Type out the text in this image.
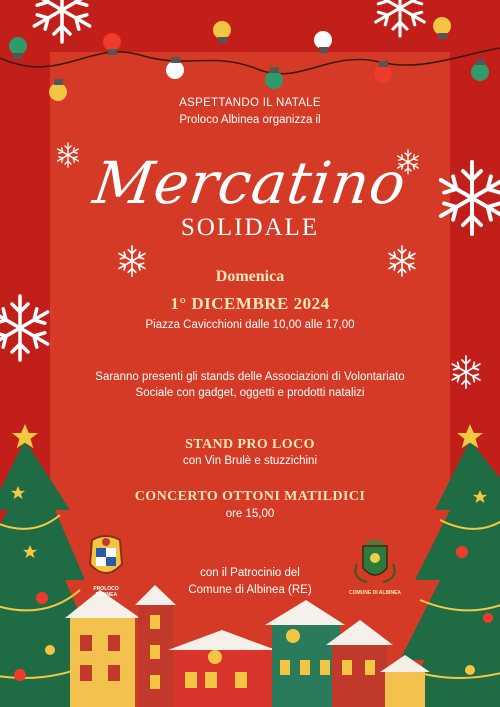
ASPETTANDO IL NATALE

Proloco Albinea organizza il

Mercatino

SOLIDALE

Domenica

1° DICEMBRE 2024

Piazza Cavicchioni dalle 10,00 alle 17,00

Saranno presenti gli stands delle Associazioni di Volontariato Sociale con gadget, oggetti e prodotti natalizi

STAND PRO LOCO

con Vin Brulè e stuzzichini

CONCERTO OTTONI MATILDICI

ore 15,00

con il Patrocinio del
Comune di Albinea (RE)

PROLOCO
ALBINEA	COMUNE DI ALBINEA
